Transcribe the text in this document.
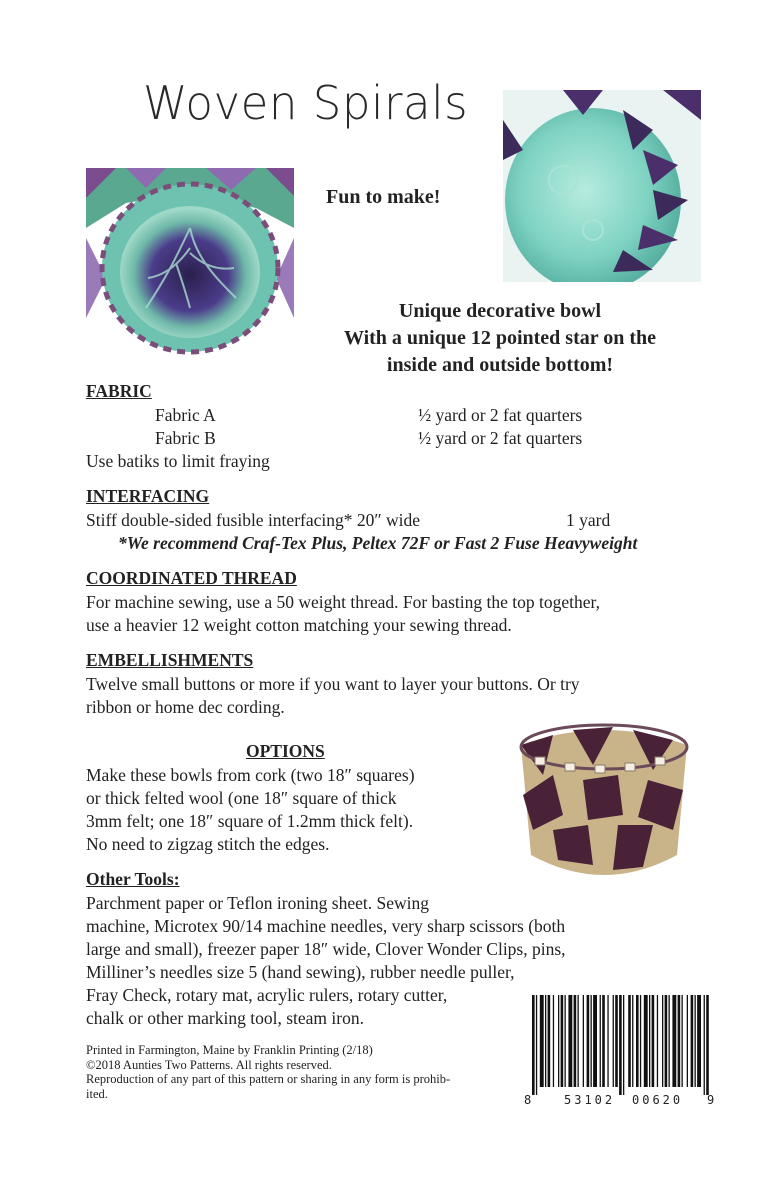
Woven Spirals
Fun to make!
Unique decorative bowl
With a unique 12 pointed star on the
inside and outside bottom!
FABRIC
Fabric A	½ yard or 2 fat quarters
Fabric B	½ yard or 2 fat quarters
Use batiks to limit fraying
INTERFACING
Stiff double-sided fusible interfacing* 20″ wide	1 yard
*We recommend Craf-Tex Plus, Peltex 72F or Fast 2 Fuse Heavyweight
COORDINATED THREAD
For machine sewing, use a 50 weight thread. For basting the top together,
use a heavier 12 weight cotton matching your sewing thread.
EMBELLISHMENTS
Twelve small buttons or more if you want to layer your buttons. Or try
ribbon or home dec cording.
OPTIONS
Make these bowls from cork (two 18″ squares)
or thick felted wool (one 18″ square of thick
3mm felt; one 18″ square of 1.2mm thick felt).
No need to zigzag stitch the edges.
Other Tools:
Parchment paper or Teflon ironing sheet. Sewing
machine, Microtex 90/14 machine needles, very sharp scissors (both
large and small), freezer paper 18″ wide, Clover Wonder Clips, pins,
Milliner’s needles size 5 (hand sewing), rubber needle puller,
Fray Check, rotary mat, acrylic rulers, rotary cutter,
chalk or other marking tool, steam iron.
Printed in Farmington, Maine by Franklin Printing (2/18)
©2018 Aunties Two Patterns. All rights reserved.
Reproduction of any part of this pattern or sharing in any form is prohib-
ited.	8	53102 00620 9
